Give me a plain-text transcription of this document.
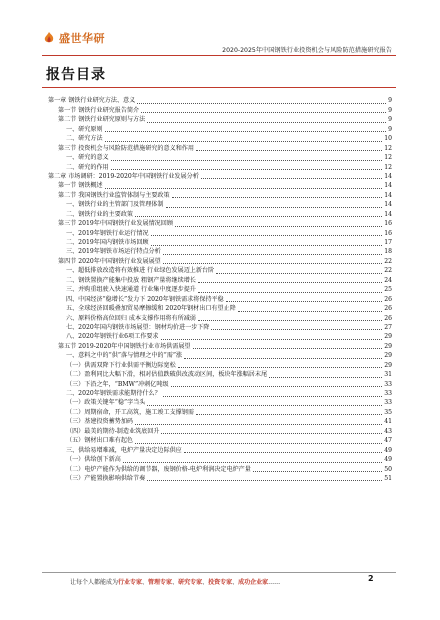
盛世华研
2020-2025年中国钢铁行业投资机会与风险防范措施研究报告
报告目录
第一章 钢铁行业研究方法、意义	9
第一节 钢铁行业研究报告简介	9
第二节 钢铁行业研究原则与方法	9
一、研究原则	9
二、研究方法	10
第三节 投资机会与风险防范措施研究的意义和作用	12
一、研究的意义	12
二、研究的作用	12
第二章 市场调研：2019-2020年中国钢铁行业发展分析	14
第一节 钢铁概述	14
第二节 我国钢铁行业监管体制与主要政策	14
一、钢铁行业的主管部门及管理体制	14
二、钢铁行业的主要政策	14
第三节 2019年中国钢铁行业发展情况回顾	16
一、2019年钢铁行业运行情况	16
二、2019年国内钢铁市场回顾	17
三、2019年钢铁市场运行特点分析	18
第四节 2020年中国钢铁行业发展展望	22
一、超低排放改造将有效推进 行业绿色发展迈上新台阶	22
二、钢铁置换产能集中投放 粗钢产量将继续增长	24
三、并购重组驶入快速通道 行业集中度逐步提升	25
四、中国经济“稳增长”发力下 2020年钢铁需求将保持平稳	26
五、全球经济回暖叠加贸易摩擦缓和 2020年钢材出口有望止降	26
六、原料价格高位回归 成本支撑作用将有所减弱	26
七、2020年国内钢铁市场展望：钢材均价进一步下降	27
八、2020年钢铁行业6项工作要求	29
第五节 2019-2020年中国钢铁行业市场供需展望	29
一、意料之中的“供”落与情理之中的“需”涨	29
（一）供需双降下行业供需平衡边际宽松	29
（二）盈利同比大幅下滑，相对估值跌破供改波动区间，板块年涨幅居末尾	31
（三）下沿之年，“BMW”冲刺亿吨级	33
二、2020年钢铁需求能期待什么？	33
（一）政策关键年“稳”字当头	33
（二）周期宿命，开工高筑，施工竣工支撑钢需	35
（三）基建投资蓄势加码	41
（四）最美的期待-制造业筑底回升	43
（五）钢材出口难有起色	47
三、供给易增难减，电炉产量决定边际供应	49
（一）供给创下新高	49
（二）电炉产能作为供给的调节器，废钢价格-电炉利润决定电炉产量	50
（三）产能置换影响供给节奏	51
让每个人都能成为行业专家、管理专家、研究专家、投资专家、成功企业家……	2
